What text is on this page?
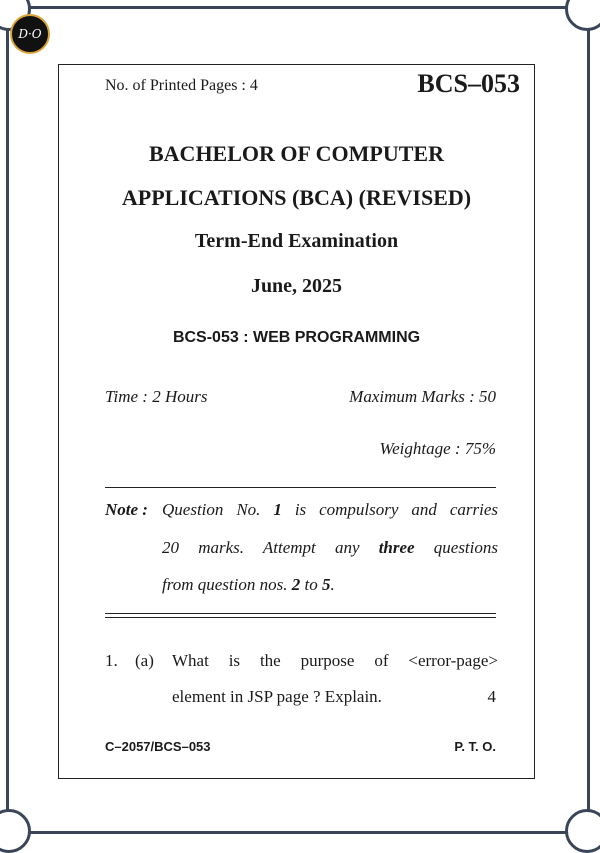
D·O
No. of Printed Pages : 4	BCS–053
BACHELOR OF COMPUTER
APPLICATIONS (BCA) (REVISED)
Term-End Examination
June, 2025
BCS-053 : WEB PROGRAMMING
Time : 2 Hours	Maximum Marks : 50
Weightage : 75%
Note : Question No. 1 is compulsory and carries
20 marks. Attempt any three questions
from question nos. 2 to 5.
1. (a) What is the purpose of <error-page>
element in JSP page ? Explain.	4
C–2057/BCS–053	P. T. O.
